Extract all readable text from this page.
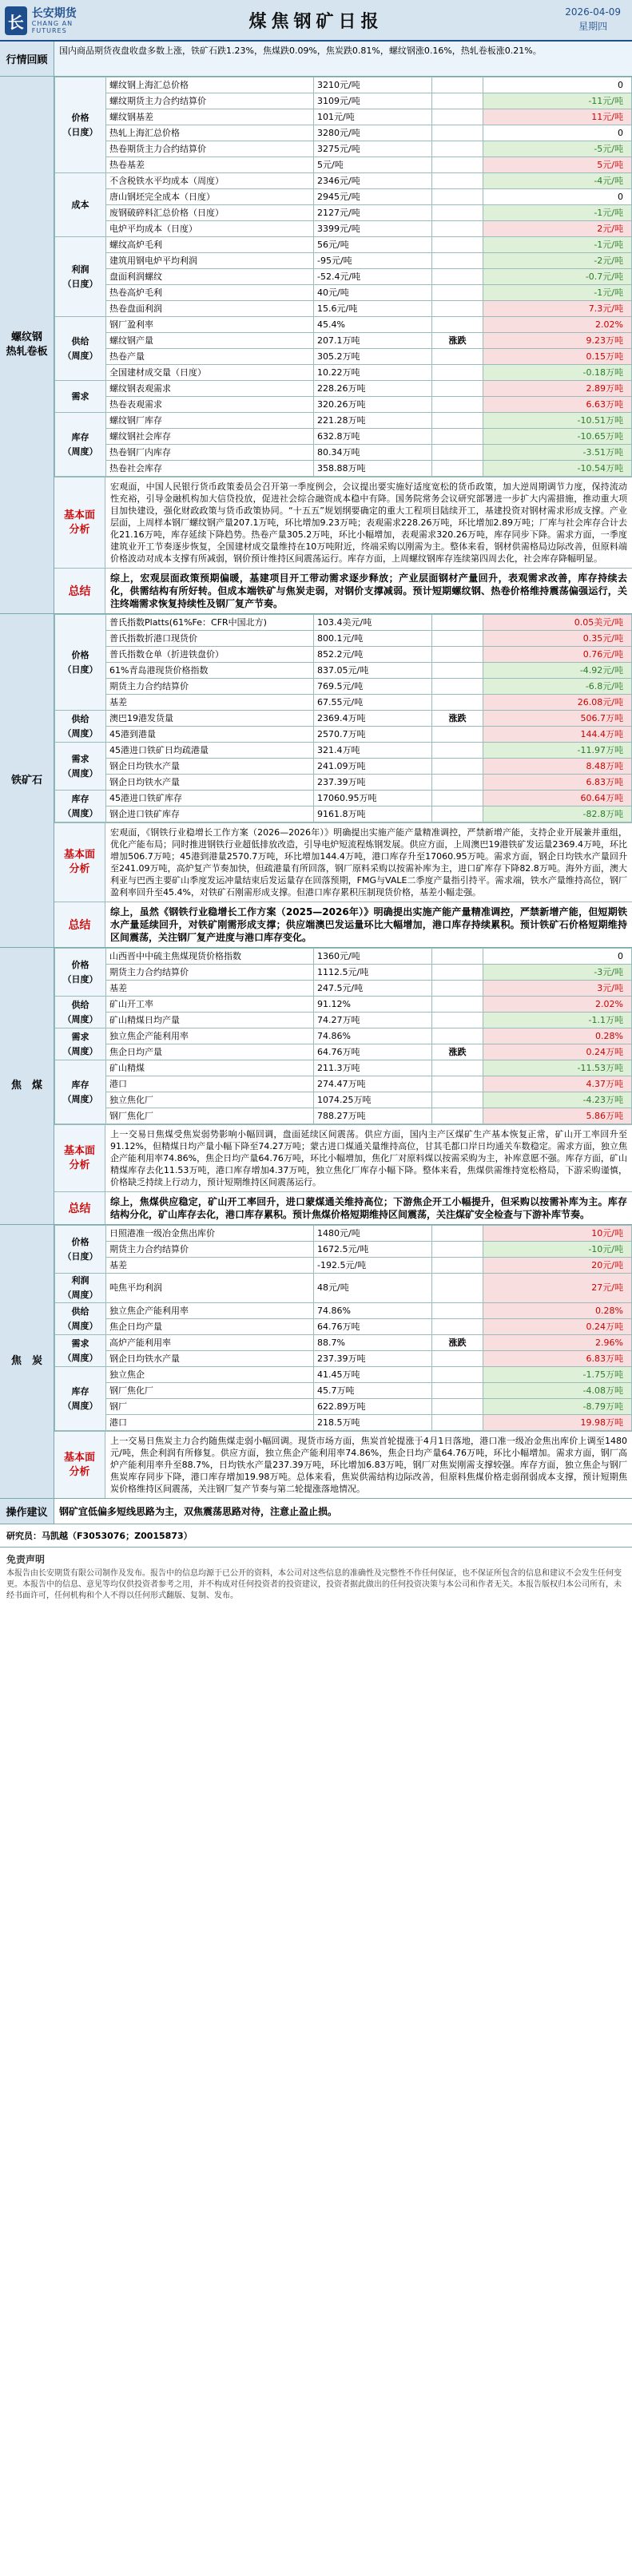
长 长安期货
CHANG AN FUTURES	煤焦钢矿日报	2026-04-09
星期四
行情回顾
国内商品期货夜盘收盘多数上涨，铁矿石跌1.23%，焦煤跌0.09%，焦炭跌0.81%，螺纹钢涨0.16%，热轧卷板涨0.21%。
螺纹钢
热轧卷板
价格
（日度）	螺纹钢上海汇总价格	3210元/吨		0
	螺纹期货主力合约结算价	3109元/吨		-11元/吨
	螺纹钢基差	101元/吨		11元/吨
	热轧上海汇总价格	3280元/吨		0
	热卷期货主力合约结算价	3275元/吨		-5元/吨
	热卷基差	5元/吨		5元/吨
成本	不含税铁水平均成本（周度）	2346元/吨		-4元/吨
	唐山钢坯完全成本（日度）	2945元/吨		0
	废钢破碎料汇总价格（日度）	2127元/吨		-1元/吨
	电炉平均成本（日度）	3399元/吨		2元/吨
利润
（日度）	螺纹高炉毛利	56元/吨		-1元/吨
	建筑用钢电炉平均利润	-95元/吨		-2元/吨
	盘面利润螺纹	-52.4元/吨		-0.7元/吨
	热卷高炉毛利	40元/吨		-1元/吨
	热卷盘面利润	15.6元/吨		7.3元/吨
供给
（周度）	钢厂盈利率	45.4%		2.02%
	螺纹钢产量	207.1万吨	涨跌	9.23万吨
	热卷产量	305.2万吨		0.15万吨
	全国建材成交量（日度）	10.22万吨		-0.18万吨
需求	螺纹钢表观需求	228.26万吨		2.89万吨
	热卷表观需求	320.26万吨		6.63万吨
库存
（周度）	螺纹钢厂库存	221.28万吨		-10.51万吨
	螺纹钢社会库存	632.8万吨		-10.65万吨
	热卷钢厂内库存	80.34万吨		-3.51万吨
	热卷社会库存	358.88万吨		-10.54万吨
基本面
分析
宏观面，中国人民银行货币政策委员会召开第一季度例会，会议提出要实施好适度宽松的货币政策，加大逆周期调节力度，保持流动性充裕，引导金融机构加大信贷投放，促进社会综合融资成本稳中有降。国务院常务会议研究部署进一步扩大内需措施，推动重大项目加快建设，强化财政政策与货币政策协同。“十五五”规划纲要确定的重大工程项目陆续开工，基建投资对钢材需求形成支撑。产业层面，上周样本钢厂螺纹钢产量207.1万吨，环比增加9.23万吨；表观需求228.26万吨，环比增加2.89万吨；厂库与社会库存合计去化21.16万吨，库存延续下降趋势。热卷产量305.2万吨，环比小幅增加，表观需求320.26万吨，库存同步下降。需求方面，一季度建筑业开工节奏逐步恢复，全国建材成交量维持在10万吨附近，终端采购以刚需为主。整体来看，钢材供需格局边际改善，但原料端价格波动对成本支撑有所减弱，钢价预计维持区间震荡运行。库存方面，上周螺纹钢库存连续第四周去化，社会库存降幅明显。
总结
综上，宏观层面政策预期偏暖，基建项目开工带动需求逐步释放；产业层面钢材产量回升，表观需求改善，库存持续去化，供需结构有所好转。但成本端铁矿与焦炭走弱，对钢价支撑减弱。预计短期螺纹钢、热卷价格维持震荡偏强运行，关注终端需求恢复持续性及钢厂复产节奏。
铁矿石
价格
（日度）	普氏指数Platts(61%Fe：CFR中国北方)	103.4美元/吨		0.05美元/吨
	普氏指数折港口现货价	800.1元/吨		0.35元/吨
	普氏指数仓单（折进铁盘价）	852.2元/吨		0.76元/吨
	61%青岛港现货价格指数	837.05元/吨		-4.92元/吨
	期货主力合约结算价	769.5元/吨		-6.8元/吨
	基差	67.55元/吨		26.08元/吨
供给
（周度）	澳巴19港发货量	2369.4万吨	涨跌	506.7万吨
	45港到港量	2570.7万吨		144.4万吨
需求
（周度）	45港进口铁矿日均疏港量	321.4万吨		-11.97万吨
	钢企日均铁水产量	241.09万吨		8.48万吨
	钢企日均铁水产量	237.39万吨		6.83万吨
库存
（周度）	45港进口铁矿库存	17060.95万吨		60.64万吨
	钢企进口铁矿库存	9161.8万吨		-82.8万吨
基本面
分析
宏观面，《钢铁行业稳增长工作方案（2026—2026年）》明确提出实施产能产量精准调控，严禁新增产能，支持企业开展兼并重组，优化产能布局；同时推进钢铁行业超低排放改造，引导电炉短流程炼钢发展。供应方面，上周澳巴19港铁矿发运量2369.4万吨，环比增加506.7万吨；45港到港量2570.7万吨，环比增加144.4万吨，港口库存升至17060.95万吨。需求方面，钢企日均铁水产量回升至241.09万吨，高炉复产节奏加快，但疏港量有所回落，钢厂原料采购以按需补库为主，进口矿库存下降82.8万吨。海外方面，澳大利亚与巴西主要矿山季度发运冲量结束后发运量存在回落预期，FMG与VALE二季度产量指引持平。需求端，铁水产量维持高位，钢厂盈利率回升至45.4%，对铁矿石刚需形成支撑。但港口库存累积压制现货价格，基差小幅走强。
总结
综上，虽然《钢铁行业稳增长工作方案（2025—2026年）》明确提出实施产能产量精准调控，严禁新增产能，但短期铁水产量延续回升，对铁矿刚需形成支撑；供应端澳巴发运量环比大幅增加，港口库存持续累积。预计铁矿石价格短期维持区间震荡，关注钢厂复产进度与港口库存变化。
焦　煤
价格
（日度）	山西晋中中硫主焦煤现货价格指数	1360元/吨		0
	期货主力合约结算价	1112.5元/吨		-3元/吨
	基差	247.5元/吨		3元/吨
供给
（周度）	矿山开工率	91.12%		2.02%
	矿山精煤日均产量	74.27万吨		-1.1万吨
需求
（周度）	独立焦企产能利用率	74.86%		0.28%
	焦企日均产量	64.76万吨	涨跌	0.24万吨
库存
（周度）	矿山精煤	211.3万吨		-11.53万吨
	港口	274.47万吨		4.37万吨
	独立焦化厂	1074.25万吨		-4.23万吨
	钢厂焦化厂	788.27万吨		5.86万吨
基本面
分析
上一交易日焦煤受焦炭弱势影响小幅回调，盘面延续区间震荡。供应方面，国内主产区煤矿生产基本恢复正常，矿山开工率回升至91.12%，但精煤日均产量小幅下降至74.27万吨；蒙古进口煤通关量维持高位，甘其毛都口岸日均通关车数稳定。需求方面，独立焦企产能利用率74.86%，焦企日均产量64.76万吨，环比小幅增加，焦化厂对原料煤以按需采购为主，补库意愿不强。库存方面，矿山精煤库存去化11.53万吨，港口库存增加4.37万吨，独立焦化厂库存小幅下降。整体来看，焦煤供需维持宽松格局，下游采购谨慎，价格缺乏持续上行动力，预计短期维持区间震荡运行。
总结
综上，焦煤供应稳定，矿山开工率回升，进口蒙煤通关维持高位；下游焦企开工小幅提升，但采购以按需补库为主。库存结构分化，矿山库存去化，港口库存累积。预计焦煤价格短期维持区间震荡，关注煤矿安全检查与下游补库节奏。
焦　炭
价格
（日度）	日照港准一级冶金焦出库价	1480元/吨		10元/吨
	期货主力合约结算价	1672.5元/吨		-10元/吨
	基差	-192.5元/吨		20元/吨
利润
（周度）	吨焦平均利润	48元/吨		27元/吨
供给
（周度）	独立焦企产能利用率	74.86%		0.28%
	焦企日均产量	64.76万吨		0.24万吨
需求
（周度）	高炉产能利用率	88.7%	涨跌	2.96%
	钢企日均铁水产量	237.39万吨		6.83万吨
库存
（周度）	独立焦企	41.45万吨		-1.75万吨
	钢厂焦化厂	45.7万吨		-4.08万吨
	钢厂	622.89万吨		-8.79万吨
	港口	218.5万吨		19.98万吨
基本面
分析
上一交易日焦炭主力合约随焦煤走弱小幅回调。现货市场方面，焦炭首轮提涨于4月1日落地，港口准一级冶金焦出库价上调至1480元/吨，焦企利润有所修复。供应方面，独立焦企产能利用率74.86%，焦企日均产量64.76万吨，环比小幅增加。需求方面，钢厂高炉产能利用率升至88.7%，日均铁水产量237.39万吨，环比增加6.83万吨，钢厂对焦炭刚需支撑较强。库存方面，独立焦企与钢厂焦炭库存同步下降，港口库存增加19.98万吨。总体来看，焦炭供需结构边际改善，但原料焦煤价格走弱削弱成本支撑，预计短期焦炭价格维持区间震荡，关注钢厂复产节奏与第二轮提涨落地情况。
操作建议	钢矿宜低偏多短线思路为主，双焦震荡思路对待，注意止盈止损。
研究员：马凯越（F3053076；Z0015873）
免责声明
本报告由长安期货有限公司制作及发布。报告中的信息均源于已公开的资料，本公司对这些信息的准确性及完整性不作任何保证，也不保证所包含的信息和建议不会发生任何变更。本报告中的信息、意见等均仅供投资者参考之用，并不构成对任何投资者的投资建议，投资者据此做出的任何投资决策与本公司和作者无关。本报告版权归本公司所有，未经书面许可，任何机构和个人不得以任何形式翻版、复制、发布。
